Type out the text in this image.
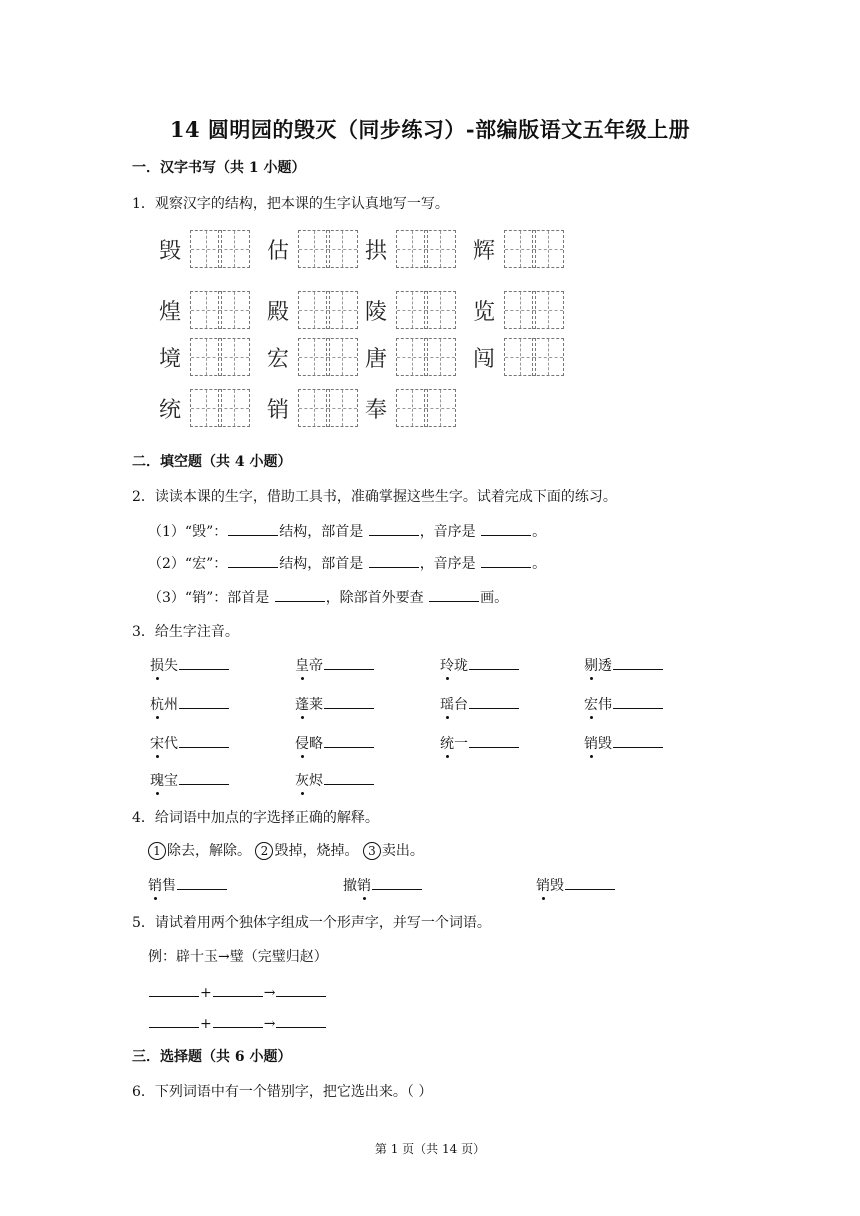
14 圆明园的毁灭（同步练习）-部编版语文五年级上册
一．汉字书写（共 1 小题）
1．观察汉字的结构，把本课的生字认真地写一写。
毁	估	拱	辉
煌	殿	陵	览
境	宏	唐	闯
统	销	奉
二．填空题（共 4 小题）
2．读读本课的生字，借助工具书，准确掌握这些生字。试着完成下面的练习。
（1）“毁”：	结构，部首是	，音序是	。
（2）“宏”：	结构，部首是	，音序是	。
（3）“销”：部首是	，除部首外要查	画。
3．给生字注音。
损失	皇帝	玲珑	剔透
杭州	蓬莱	瑶台	宏伟
宋代	侵略	统一	销毁
瑰宝	灰烬
4．给词语中加点的字选择正确的解释。
1 除去，解除。 2 毁掉，烧掉。 3 卖出。
销售	撤销	销毁
5．请试着用两个独体字组成一个形声字，并写一个词语。
例：辟十玉→璧（完璧归赵）
+	→
+	→
三．选择题（共 6 小题）
6．下列词语中有一个错别字，把它选出来。（ ）
第 1 页（共 14 页）
